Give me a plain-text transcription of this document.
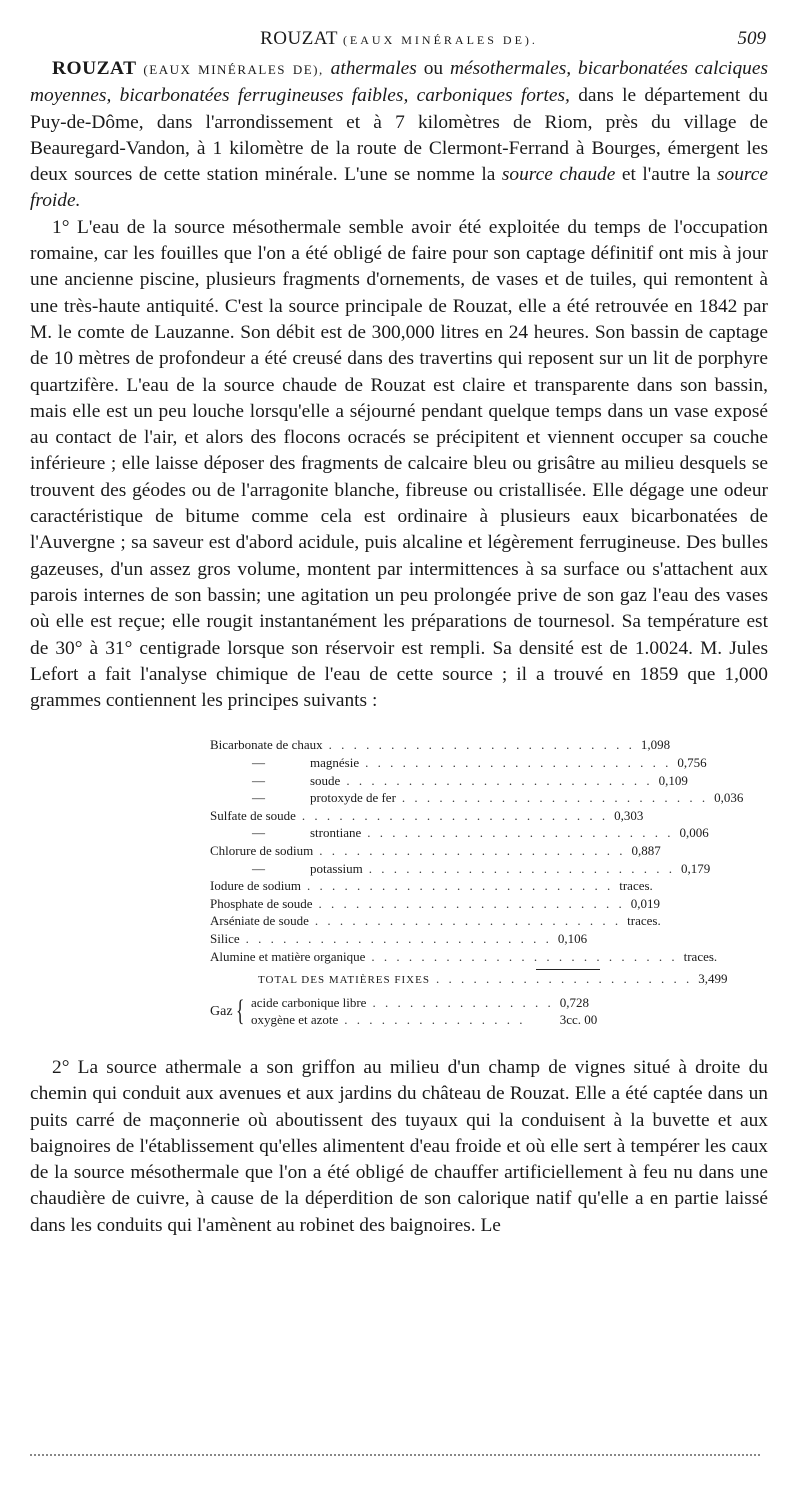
ROUZAT (EAUX MINÉRALES DE).	509

ROUZAT (EAUX MINÉRALES DE), athermales ou mésothermales, bicarbonatées calciques moyennes, bicarbonatées ferrugineuses faibles, carboniques fortes, dans le département du Puy-de-Dôme, dans l'arrondissement et à 7 kilomètres de Riom, près du village de Beauregard-Vandon, à 1 kilomètre de la route de Clermont-Ferrand à Bourges, émergent les deux sources de cette station minérale. L'une se nomme la source chaude et l'autre la source froide.

1° L'eau de la source mésothermale semble avoir été exploitée du temps de l'occupation romaine, car les fouilles que l'on a été obligé de faire pour son captage définitif ont mis à jour une ancienne piscine, plusieurs fragments d'ornements, de vases et de tuiles, qui remontent à une très-haute antiquité. C'est la source principale de Rouzat, elle a été retrouvée en 1842 par M. le comte de Lauzanne. Son débit est de 300,000 litres en 24 heures. Son bassin de captage de 10 mètres de profondeur a été creusé dans des travertins qui reposent sur un lit de porphyre quartzifère. L'eau de la source chaude de Rouzat est claire et transparente dans son bassin, mais elle est un peu louche lorsqu'elle a séjourné pendant quelque temps dans un vase exposé au contact de l'air, et alors des flocons ocracés se précipitent et viennent occuper sa couche inférieure ; elle laisse déposer des fragments de calcaire bleu ou grisâtre au milieu desquels se trouvent des géodes ou de l'arragonite blanche, fibreuse ou cristallisée. Elle dégage une odeur caractéristique de bitume comme cela est ordinaire à plusieurs eaux bicarbonatées de l'Auvergne ; sa saveur est d'abord acidule, puis alcaline et légèrement ferrugineuse. Des bulles gazeuses, d'un assez gros volume, montent par intermittences à sa surface ou s'attachent aux parois internes de son bassin; une agitation un peu prolongée prive de son gaz l'eau des vases où elle est reçue; elle rougit instantanément les préparations de tournesol. Sa température est de 30° à 31° centigrade lorsque son réservoir est rempli. Sa densité est de 1.0024. M. Jules Lefort a fait l'analyse chimique de l'eau de cette source ; il a trouvé en 1859 que 1,000 grammes contiennent les principes suivants :

Bicarbonate de chaux . . . . . . . . . . . . . . . . . . . . . . . . . 1,098
—	magnésie . . . . . . . . . . . . . . . . . . . . . . . . . 0,756
—	soude . . . . . . . . . . . . . . . . . . . . . . . . . 0,109
—	protoxyde de fer . . . . . . . . . . . . . . . . . . . . . . . . . 0,036
Sulfate de soude . . . . . . . . . . . . . . . . . . . . . . . . . 0,303
—	strontiane . . . . . . . . . . . . . . . . . . . . . . . . . 0,006
Chlorure de sodium . . . . . . . . . . . . . . . . . . . . . . . . . 0,887
—	potassium . . . . . . . . . . . . . . . . . . . . . . . . . 0,179
Iodure de sodium . . . . . . . . . . . . . . . . . . . . . . . . . traces.
Phosphate de soude . . . . . . . . . . . . . . . . . . . . . . . . . 0,019
Arséniate de soude . . . . . . . . . . . . . . . . . . . . . . . . . traces.
Silice . . . . . . . . . . . . . . . . . . . . . . . . . 0,106
Alumine et matière organique . . . . . . . . . . . . . . . . . . . . . . . . . traces.
TOTAL DES MATIÈRES FIXES . . . . . . . . . . . . . . . . . . . . . 3,499
Gaz { acide carbonique libre . . . . . . . . . . . . . . . 0,728
oxygène et azote . . . . . . . . . . . . . . .	3cc. 00

2° La source athermale a son griffon au milieu d'un champ de vignes situé à droite du chemin qui conduit aux avenues et aux jardins du château de Rouzat. Elle a été captée dans un puits carré de maçonnerie où aboutissent des tuyaux qui la conduisent à la buvette et aux baignoires de l'établissement qu'elles alimentent d'eau froide et où elle sert à tempérer les caux de la source mésothermale que l'on a été obligé de chauffer artificiellement à feu nu dans une chaudière de cuivre, à cause de la déperdition de son calorique natif qu'elle a en partie laissé dans les conduits qui l'amènent au robinet des baignoires. Le
